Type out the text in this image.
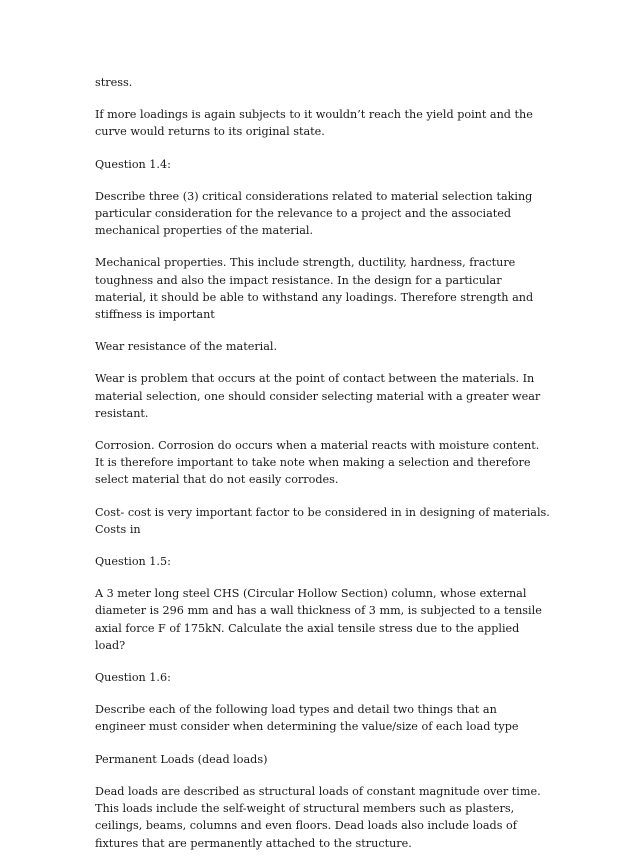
stress.

If more loadings is again subjects to it wouldn’t reach the yield point and the curve would returns to its original state.

Question 1.4:

Describe three (3) critical considerations related to material selection taking particular consideration for the relevance to a project and the associated mechanical properties of the material.

Mechanical properties. This include strength, ductility, hardness, fracture toughness and also the impact resistance. In the design for a particular material, it should be able to withstand any loadings. Therefore strength and stiffness is important

Wear resistance of the material.

Wear is problem that occurs at the point of contact between the materials. In material selection, one should consider selecting material with a greater wear resistant.

Corrosion. Corrosion do occurs when a material reacts with moisture content. It is therefore important to take note when making a selection and therefore select material that do not easily corrodes.

Cost- cost is very important factor to be considered in in designing of materials. Costs in

Question 1.5:

A 3 meter long steel CHS (Circular Hollow Section) column, whose external diameter is 296 mm and has a wall thickness of 3 mm, is subjected to a tensile axial force F of 175kN. Calculate the axial tensile stress due to the applied load?

Question 1.6:

Describe each of the following load types and detail two things that an engineer must consider when determining the value/size of each load type

Permanent Loads (dead loads)

Dead loads are described as structural loads of constant magnitude over time. This loads include the self-weight of structural members such as plasters, ceilings, beams, columns and even floors. Dead loads also include loads of fixtures that are permanently attached to the structure.
